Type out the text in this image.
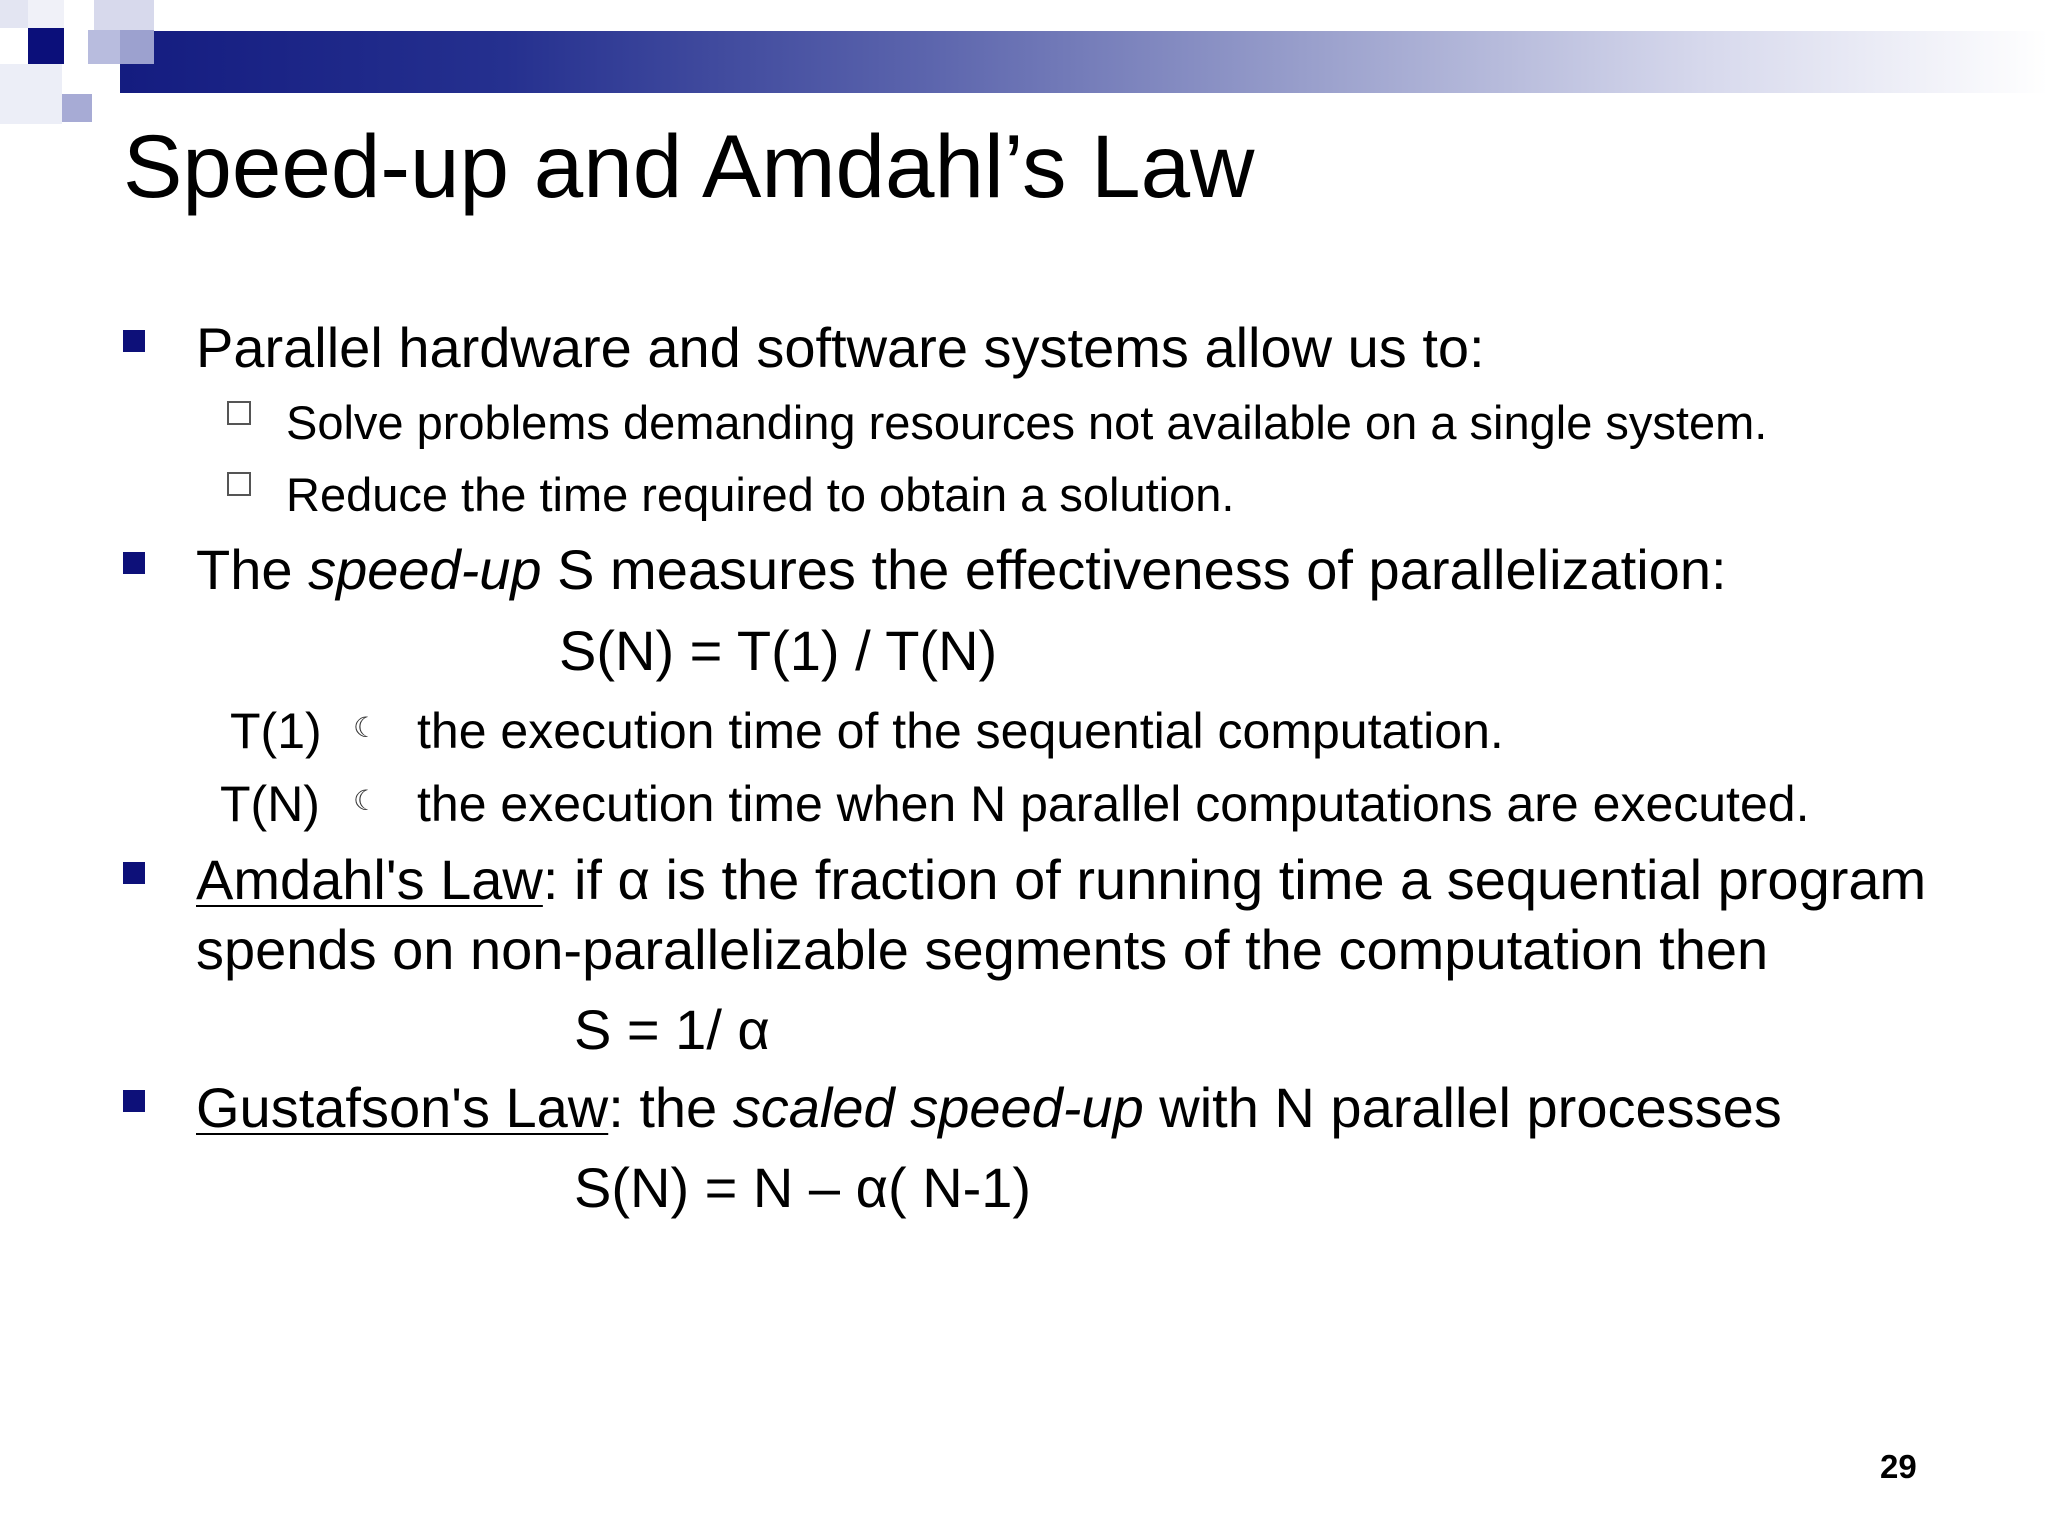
Speed-up and Amdahl’s Law
Parallel hardware and software systems allow us to:
Solve problems demanding resources not available on a single system.
Reduce the time required to obtain a solution.
The speed-up S measures the effectiveness of parallelization:
S(N) = T(1) / T(N)
T(1) ☾ the execution time of the sequential computation.
T(N) ☾ the execution time when N parallel computations are executed.
Amdahl's Law: if α is the fraction of running time a sequential program
spends on non-parallelizable segments of the computation then
S = 1/ α
Gustafson's Law: the scaled speed-up with N parallel processes
S(N) = N – α( N-1)
29
